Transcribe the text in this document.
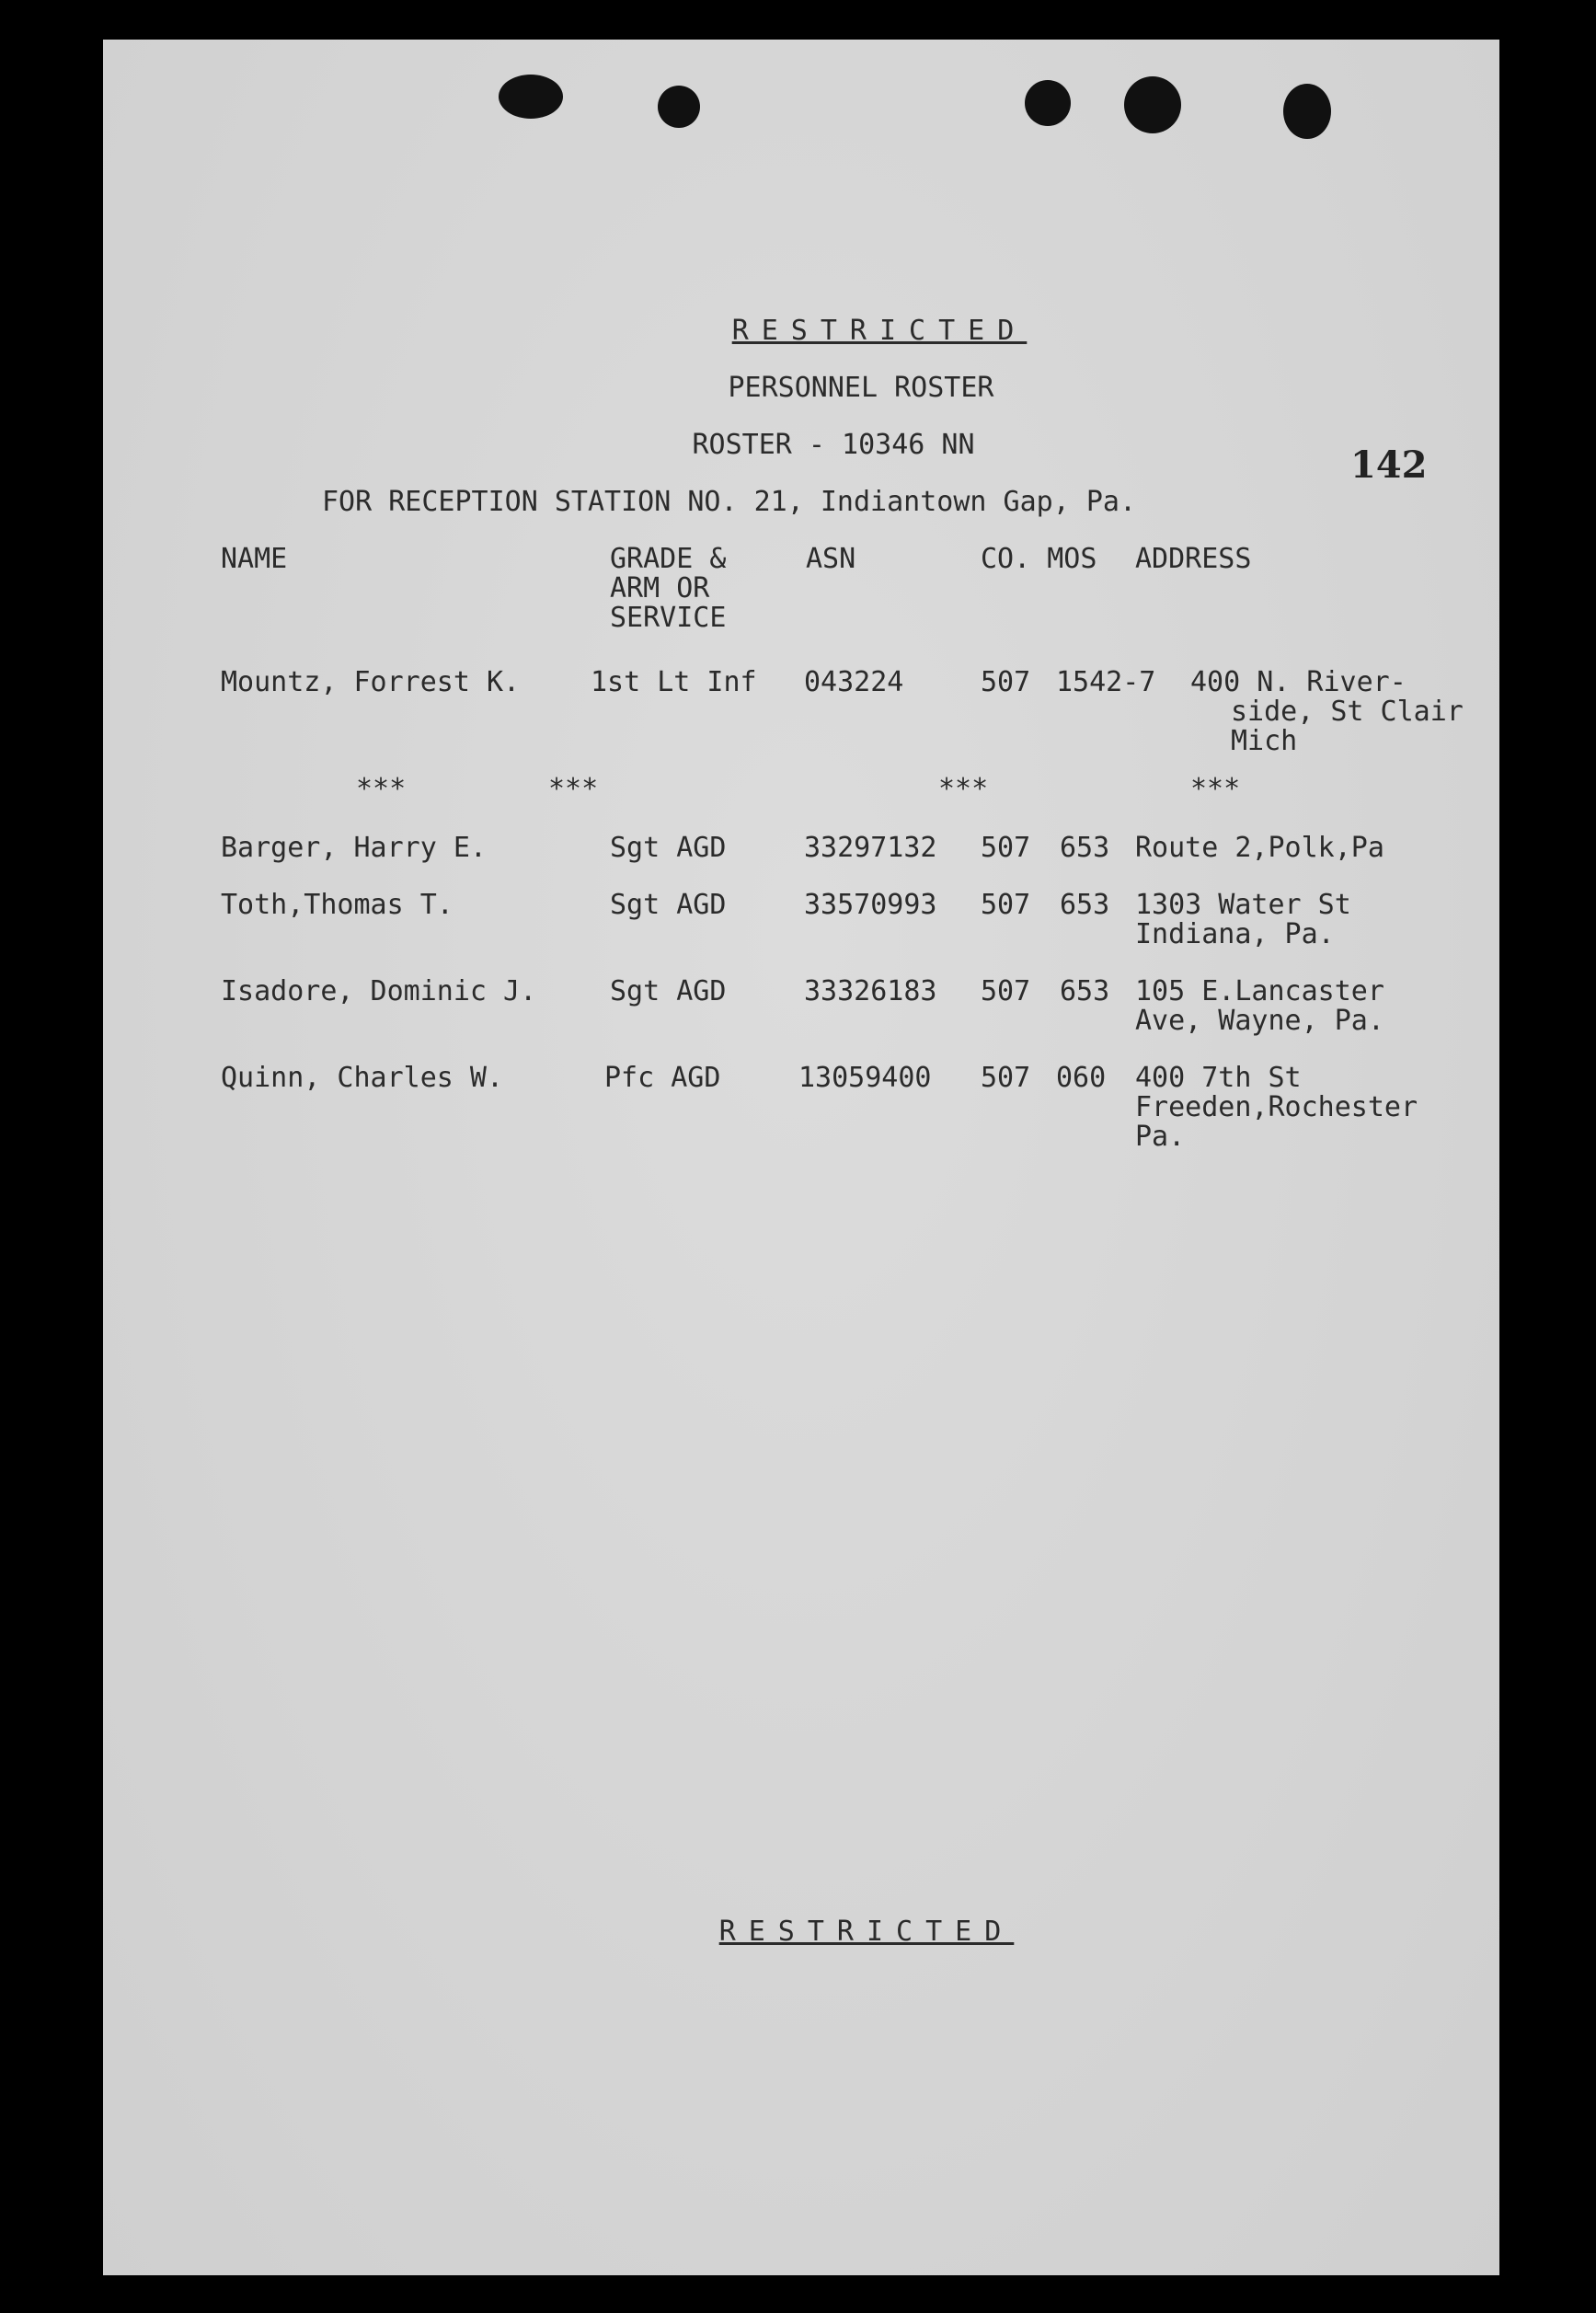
RESTRICTED
PERSONNEL ROSTER
ROSTER - 10346 NN
FOR RECEPTION STATION NO. 21, Indiantown Gap, Pa.
142
NAME	GRADE &
ARM OR
SERVICE
ASN	CO. MOS ADDRESS
Mountz, Forrest K.	1st Lt Inf 043224	507 1542-7 400 N. River-
side, St Clair
Mich
***	***	***	***
Barger, Harry E.	Sgt AGD	33297132 507 653 Route 2,Polk,Pa
Toth,Thomas T.	Sgt AGD	33570993 507 653 1303 Water St
Indiana, Pa.
Isadore, Dominic J.	Sgt AGD	33326183 507 653 105 E.Lancaster
Ave, Wayne, Pa.
Quinn, Charles W.	Pfc AGD	13059400 507 060 400 7th St
Freeden,Rochester
Pa.
RESTRICTED
